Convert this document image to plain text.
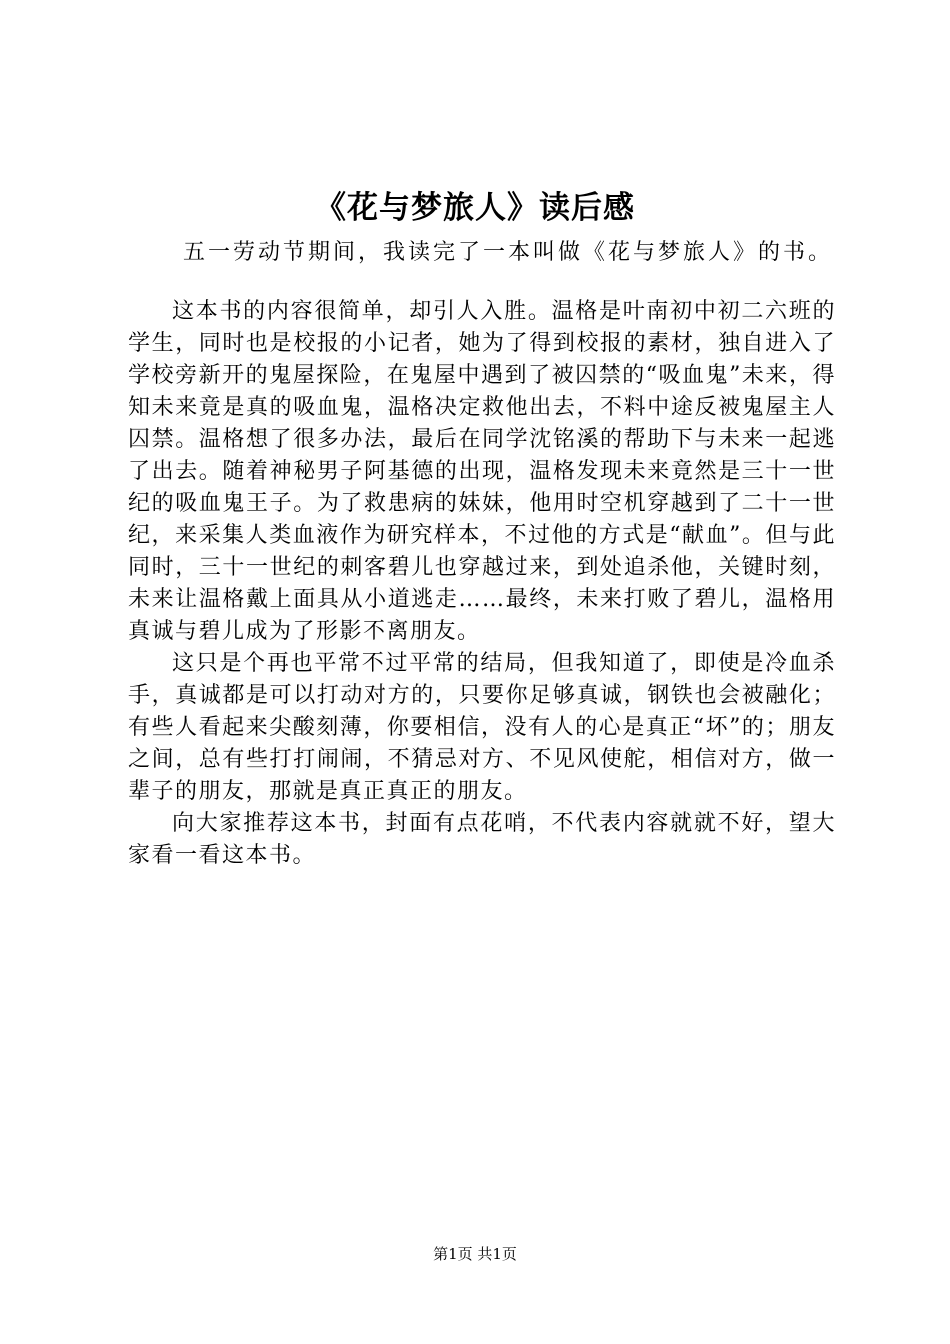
《花与梦旅人》读后感
五一劳动节期间，我读完了一本叫做《花与梦旅人》的书。

这本书的内容很简单，却引人入胜。温格是叶南初中初二六班的学生，同时也是校报的小记者，她为了得到校报的素材，独自进入了学校旁新开的鬼屋探险，在鬼屋中遇到了被囚禁的“吸血鬼”未来，得知未来竟是真的吸血鬼，温格决定救他出去，不料中途反被鬼屋主人囚禁。温格想了很多办法，最后在同学沈铭溪的帮助下与未来一起逃了出去。随着神秘男子阿基德的出现，温格发现未来竟然是三十一世纪的吸血鬼王子。为了救患病的妹妹，他用时空机穿越到了二十一世纪，来采集人类血液作为研究样本，不过他的方式是“献血”。但与此同时，三十一世纪的刺客碧儿也穿越过来，到处追杀他，关键时刻，未来让温格戴上面具从小道逃走……最终，未来打败了碧儿，温格用真诚与碧儿成为了形影不离朋友。

这只是个再也平常不过平常的结局，但我知道了，即使是冷血杀手，真诚都是可以打动对方的，只要你足够真诚，钢铁也会被融化；有些人看起来尖酸刻薄，你要相信，没有人的心是真正“坏”的；朋友之间，总有些打打闹闹，不猜忌对方、不见风使舵，相信对方，做一辈子的朋友，那就是真正真正的朋友。

向大家推荐这本书，封面有点花哨，不代表内容就就不好，望大家看一看这本书。

第1页 共1页
